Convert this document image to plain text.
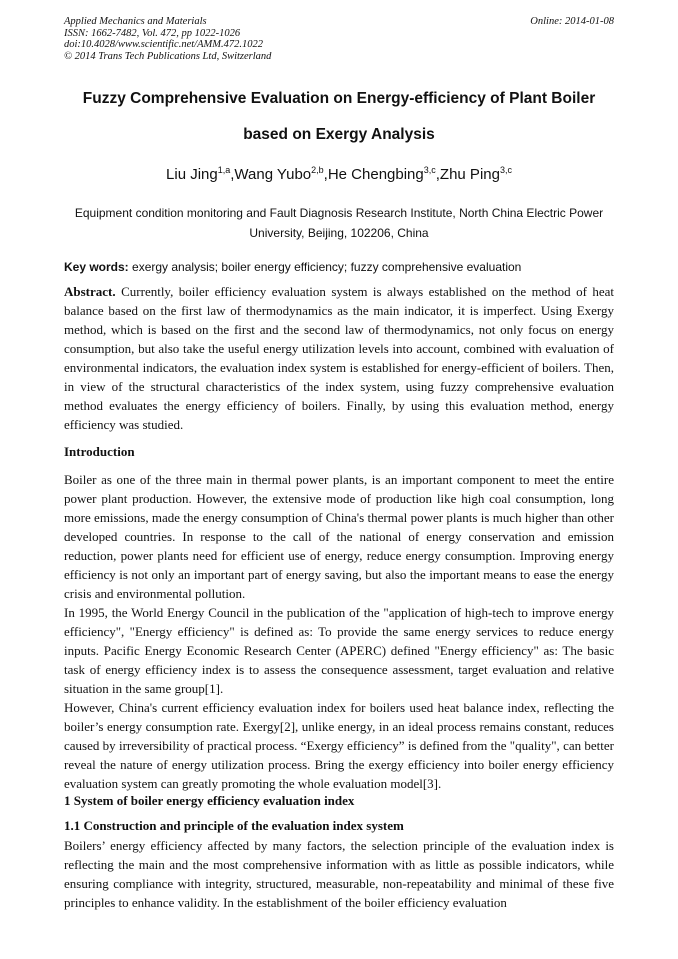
Applied Mechanics and Materials
ISSN: 1662-7482, Vol. 472, pp 1022-1026
doi:10.4028/www.scientific.net/AMM.472.1022
© 2014 Trans Tech Publications Ltd, Switzerland
Online: 2014-01-08
Fuzzy Comprehensive Evaluation on Energy-efficiency of Plant Boiler
based on Exergy Analysis
Liu Jing$^{1,a}$,Wang Yubo$^{2,b}$,He Chengbing$^{3,c}$,Zhu Ping$^{3,c}$
Equipment condition monitoring and Fault Diagnosis Research Institute, North China Electric Power University, Beijing, 102206, China
Key words: exergy analysis; boiler energy efficiency; fuzzy comprehensive evaluation

Abstract. Currently, boiler efficiency evaluation system is always established on the method of heat balance based on the first law of thermodynamics as the main indicator, it is imperfect. Using Exergy method, which is based on the first and the second law of thermodynamics, not only focus on energy consumption, but also take the useful energy utilization levels into account, combined with evaluation of environmental indicators, the evaluation index system is established for energy-efficient of boilers. Then, in view of the structural characteristics of the index system, using fuzzy comprehensive evaluation method evaluates the energy efficiency of boilers. Finally, by using this evaluation method, energy efficiency was studied.

Introduction

Boiler as one of the three main in thermal power plants, is an important component to meet the entire power plant production. However, the extensive mode of production like high coal consumption, long more emissions, made the energy consumption of China's thermal power plants is much higher than other developed countries. In response to the call of the national of energy conservation and emission reduction, power plants need for efficient use of energy, reduce energy consumption. Improving energy efficiency is not only an important part of energy saving, but also the important means to ease the energy crisis and environmental pollution.

In 1995, the World Energy Council in the publication of the "application of high-tech to improve energy efficiency", "Energy efficiency" is defined as: To provide the same energy services to reduce energy inputs. Pacific Energy Economic Research Center (APERC) defined "Energy efficiency" as: The basic task of energy efficiency index is to assess the consequence assessment, target evaluation and relative situation in the same group[1].

However, China's current efficiency evaluation index for boilers used heat balance index, reflecting the boiler’s energy consumption rate. Exergy[2], unlike energy, in an ideal process remains constant, reduces caused by irreversibility of practical process. “Exergy efficiency” is defined from the "quality", can better reveal the nature of energy utilization process. Bring the exergy efficiency into boiler energy efficiency evaluation system can greatly promoting the whole evaluation model[3].

1 System of boiler energy efficiency evaluation index
1.1 Construction and principle of the evaluation index system

Boilers’ energy efficiency affected by many factors, the selection principle of the evaluation index is reflecting the main and the most comprehensive information with as little as possible indicators, while ensuring compliance with integrity, structured, measurable, non-repeatability and minimal of these five principles to enhance validity. In the establishment of the boiler efficiency evaluation
